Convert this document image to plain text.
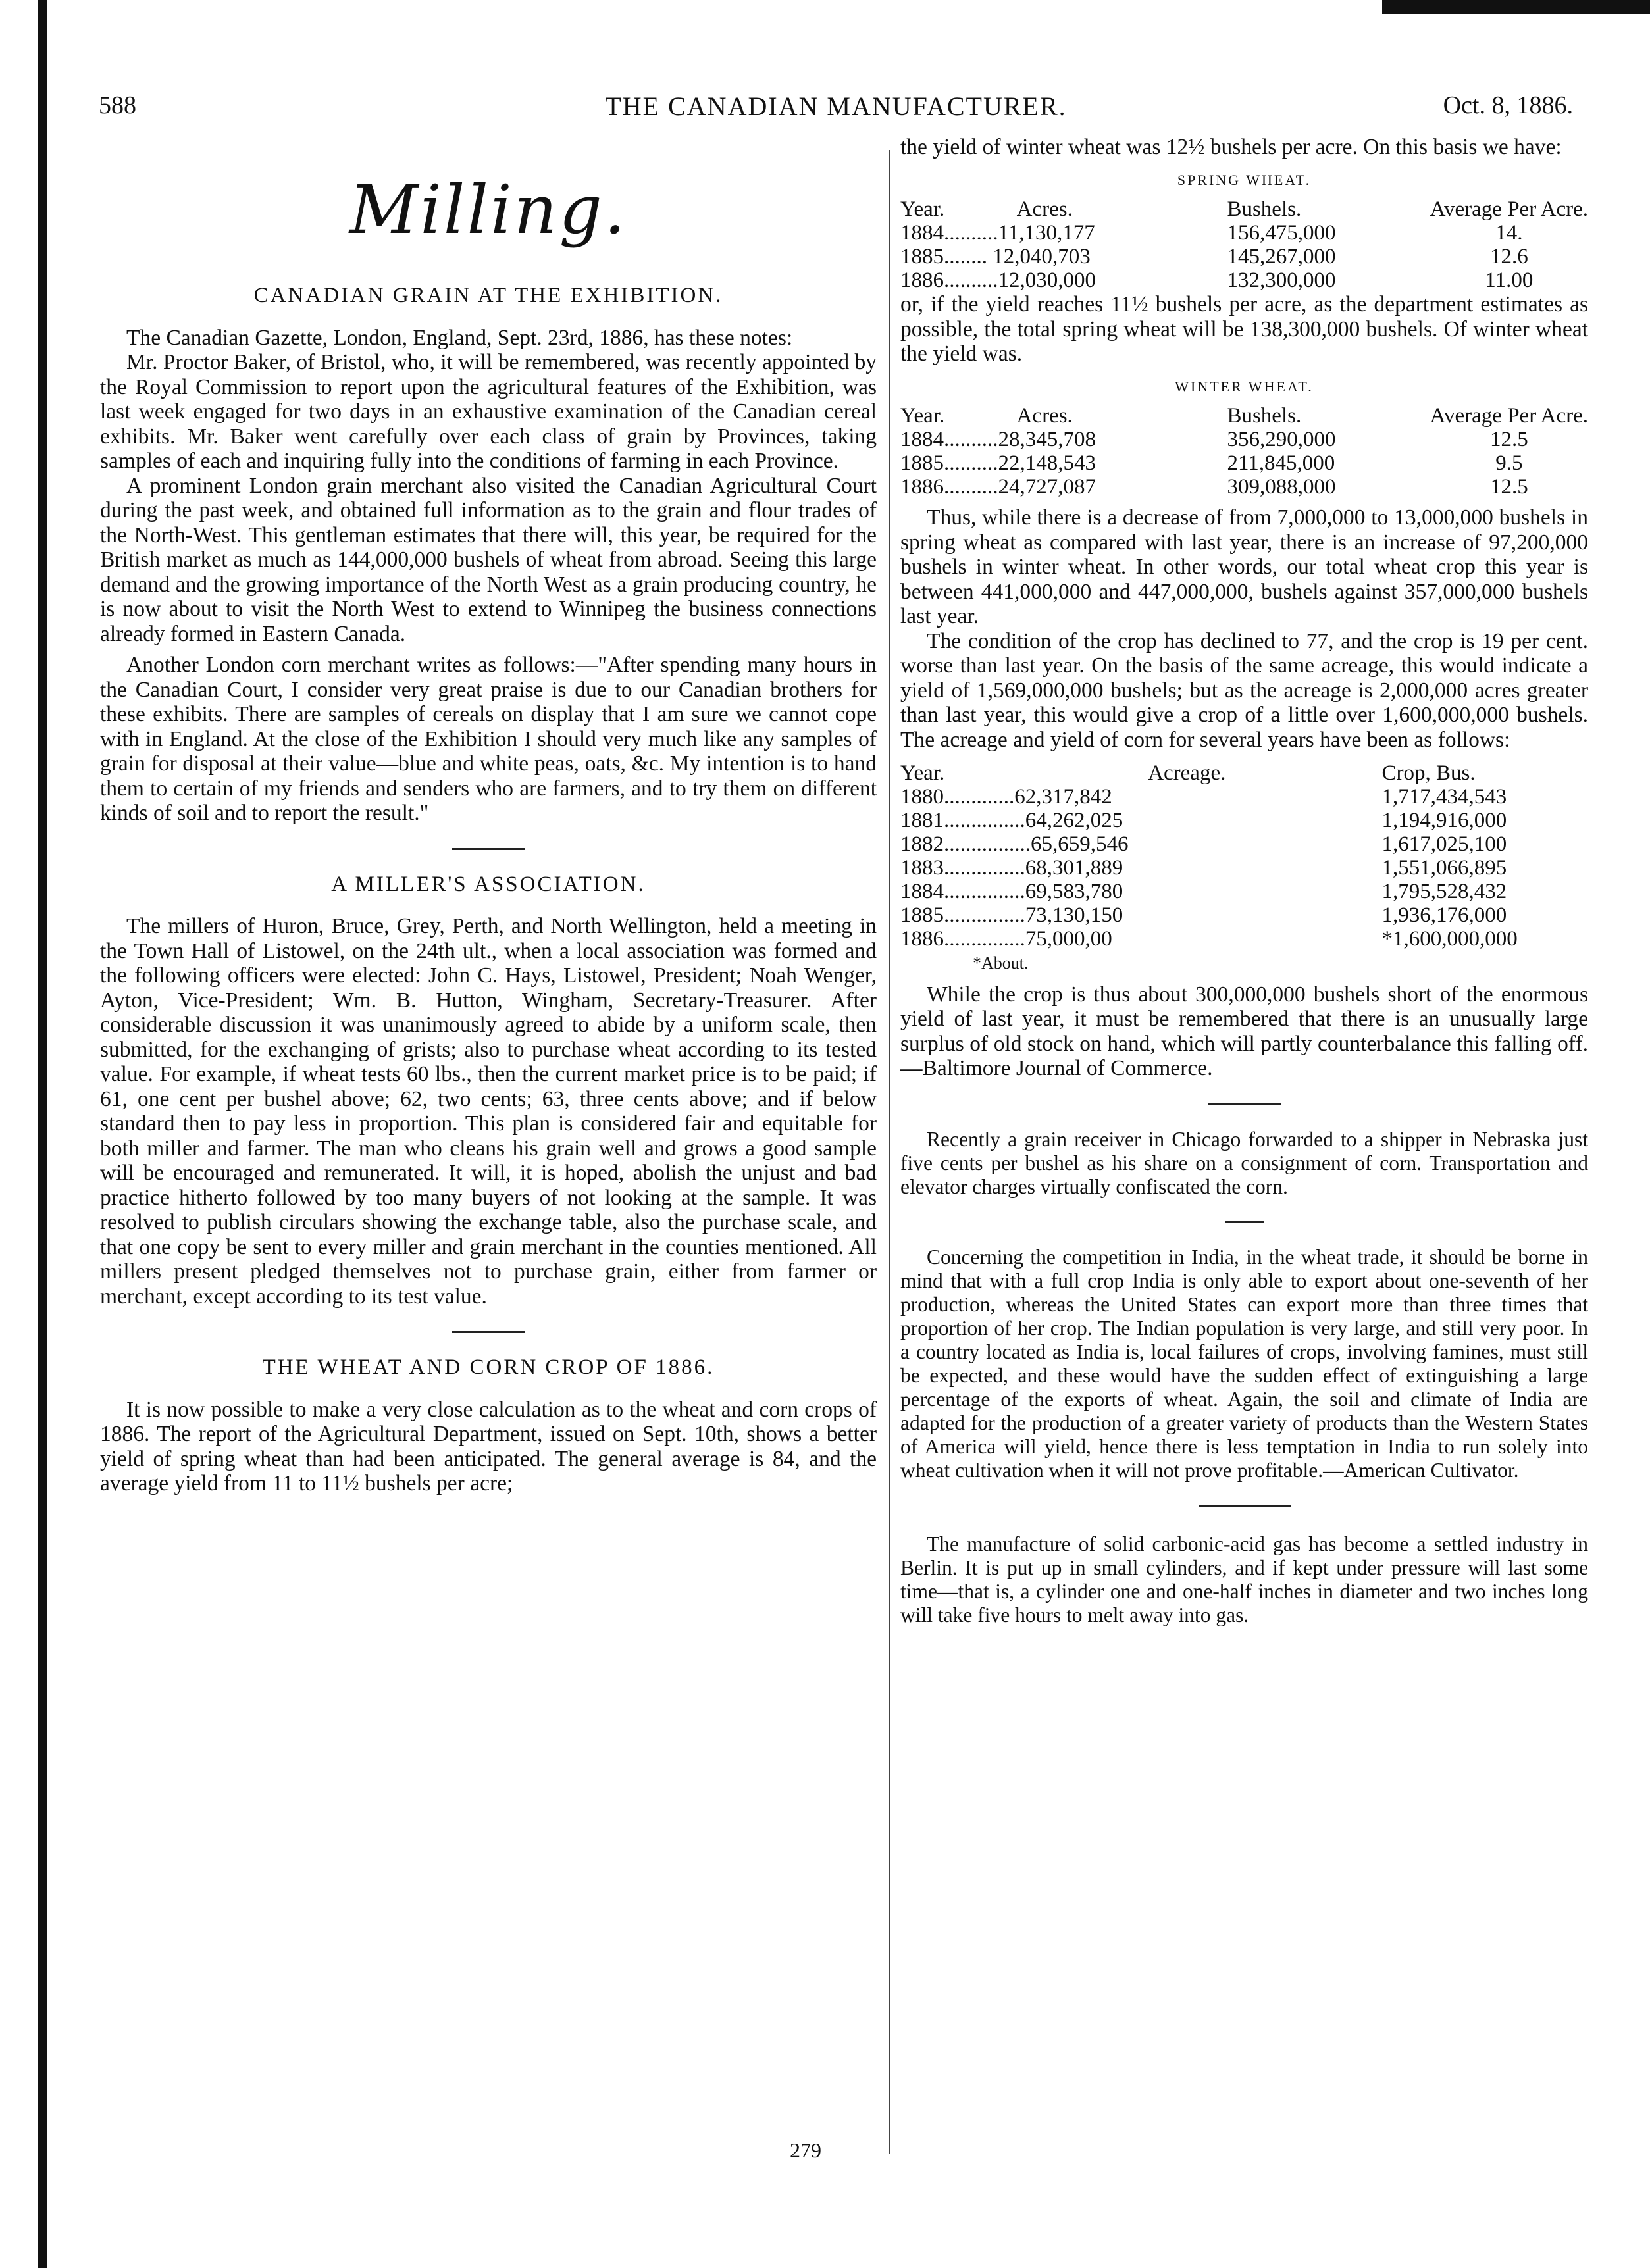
588	THE CANADIAN MANUFACTURER.	Oct. 8, 1886.
Milling.
CANADIAN GRAIN AT THE EXHIBITION.

The Canadian Gazette, London, England, Sept. 23rd, 1886, has these notes:

Mr. Proctor Baker, of Bristol, who, it will be remembered, was recently appointed by the Royal Commission to report upon the agricultural features of the Exhibition, was last week engaged for two days in an exhaustive examination of the Canadian cereal exhibits. Mr. Baker went carefully over each class of grain by Provinces, taking samples of each and inquiring fully into the conditions of farming in each Province.

A prominent London grain merchant also visited the Canadian Agricultural Court during the past week, and obtained full information as to the grain and flour trades of the North-West. This gentleman estimates that there will, this year, be required for the British market as much as 144,000,000 bushels of wheat from abroad. Seeing this large demand and the growing importance of the North West as a grain producing country, he is now about to visit the North West to extend to Winnipeg the business connections already formed in Eastern Canada.

Another London corn merchant writes as follows:—"After spending many hours in the Canadian Court, I consider very great praise is due to our Canadian brothers for these exhibits. There are samples of cereals on display that I am sure we cannot cope with in England. At the close of the Exhibition I should very much like any samples of grain for disposal at their value—blue and white peas, oats, &c. My intention is to hand them to certain of my friends and senders who are farmers, and to try them on different kinds of soil and to report the result."

A MILLER'S ASSOCIATION.

The millers of Huron, Bruce, Grey, Perth, and North Wellington, held a meeting in the Town Hall of Listowel, on the 24th ult., when a local association was formed and the following officers were elected: John C. Hays, Listowel, President; Noah Wenger, Ayton, Vice-President; Wm. B. Hutton, Wingham, Secretary-Treasurer. After considerable discussion it was unanimously agreed to abide by a uniform scale, then submitted, for the exchanging of grists; also to purchase wheat according to its tested value. For example, if wheat tests 60 lbs., then the current market price is to be paid; if 61, one cent per bushel above; 62, two cents; 63, three cents above; and if below standard then to pay less in proportion. This plan is considered fair and equitable for both miller and farmer. The man who cleans his grain well and grows a good sample will be encouraged and remunerated. It will, it is hoped, abolish the unjust and bad practice hitherto followed by too many buyers of not looking at the sample. It was resolved to publish circulars showing the exchange table, also the purchase scale, and that one copy be sent to every miller and grain merchant in the counties mentioned. All millers present pledged themselves not to purchase grain, either from farmer or merchant, except according to its test value.

THE WHEAT AND CORN CROP OF 1886.

It is now possible to make a very close calculation as to the wheat and corn crops of 1886. The report of the Agricultural Department, issued on Sept. 10th, shows a better yield of spring wheat than had been anticipated. The general average is 84, and the average yield from 11 to 11½ bushels per acre;

the yield of winter wheat was 12½ bushels per acre. On this basis we have:

SPRING WHEAT.
Year.	Acres.	Bushels.	Average Per Acre.
1884..........11,130,177		156,475,000	14.
1885........ 12,040,703		145,267,000	12.6
1886..........12,030,000		132,300,000	11.00

or, if the yield reaches 11½ bushels per acre, as the department estimates as possible, the total spring wheat will be 138,300,000 bushels. Of winter wheat the yield was.

WINTER WHEAT.
Year.	Acres.	Bushels.	Average Per Acre.
1884..........28,345,708		356,290,000	12.5
1885..........22,148,543		211,845,000	9.5
1886..........24,727,087		309,088,000	12.5

Thus, while there is a decrease of from 7,000,000 to 13,000,000 bushels in spring wheat as compared with last year, there is an increase of 97,200,000 bushels in winter wheat. In other words, our total wheat crop this year is between 441,000,000 and 447,000,000, bushels against 357,000,000 bushels last year.

The condition of the crop has declined to 77, and the crop is 19 per cent. worse than last year. On the basis of the same acreage, this would indicate a yield of 1,569,000,000 bushels; but as the acreage is 2,000,000 acres greater than last year, this would give a crop of a little over 1,600,000,000 bushels. The acreage and yield of corn for several years have been as follows:

Year.	Acreage.	Crop, Bus.
1880.............62,317,842		1,717,434,543
1881...............64,262,025		1,194,916,000
1882................65,659,546		1,617,025,100
1883...............68,301,889		1,551,066,895
1884...............69,583,780		1,795,528,432
1885...............73,130,150		1,936,176,000
1886...............75,000,00		*1,600,000,000

*About.

While the crop is thus about 300,000,000 bushels short of the enormous yield of last year, it must be remembered that there is an unusually large surplus of old stock on hand, which will partly counterbalance this falling off.—Baltimore Journal of Commerce.

Recently a grain receiver in Chicago forwarded to a shipper in Nebraska just five cents per bushel as his share on a consignment of corn. Transportation and elevator charges virtually confiscated the corn.

Concerning the competition in India, in the wheat trade, it should be borne in mind that with a full crop India is only able to export about one-seventh of her production, whereas the United States can export more than three times that proportion of her crop. The Indian population is very large, and still very poor. In a country located as India is, local failures of crops, involving famines, must still be expected, and these would have the sudden effect of extinguishing a large percentage of the exports of wheat. Again, the soil and climate of India are adapted for the production of a greater variety of products than the Western States of America will yield, hence there is less temptation in India to run solely into wheat cultivation when it will not prove profitable.—American Cultivator.

The manufacture of solid carbonic-acid gas has become a settled industry in Berlin. It is put up in small cylinders, and if kept under pressure will last some time—that is, a cylinder one and one-half inches in diameter and two inches long will take five hours to melt away into gas.

279
